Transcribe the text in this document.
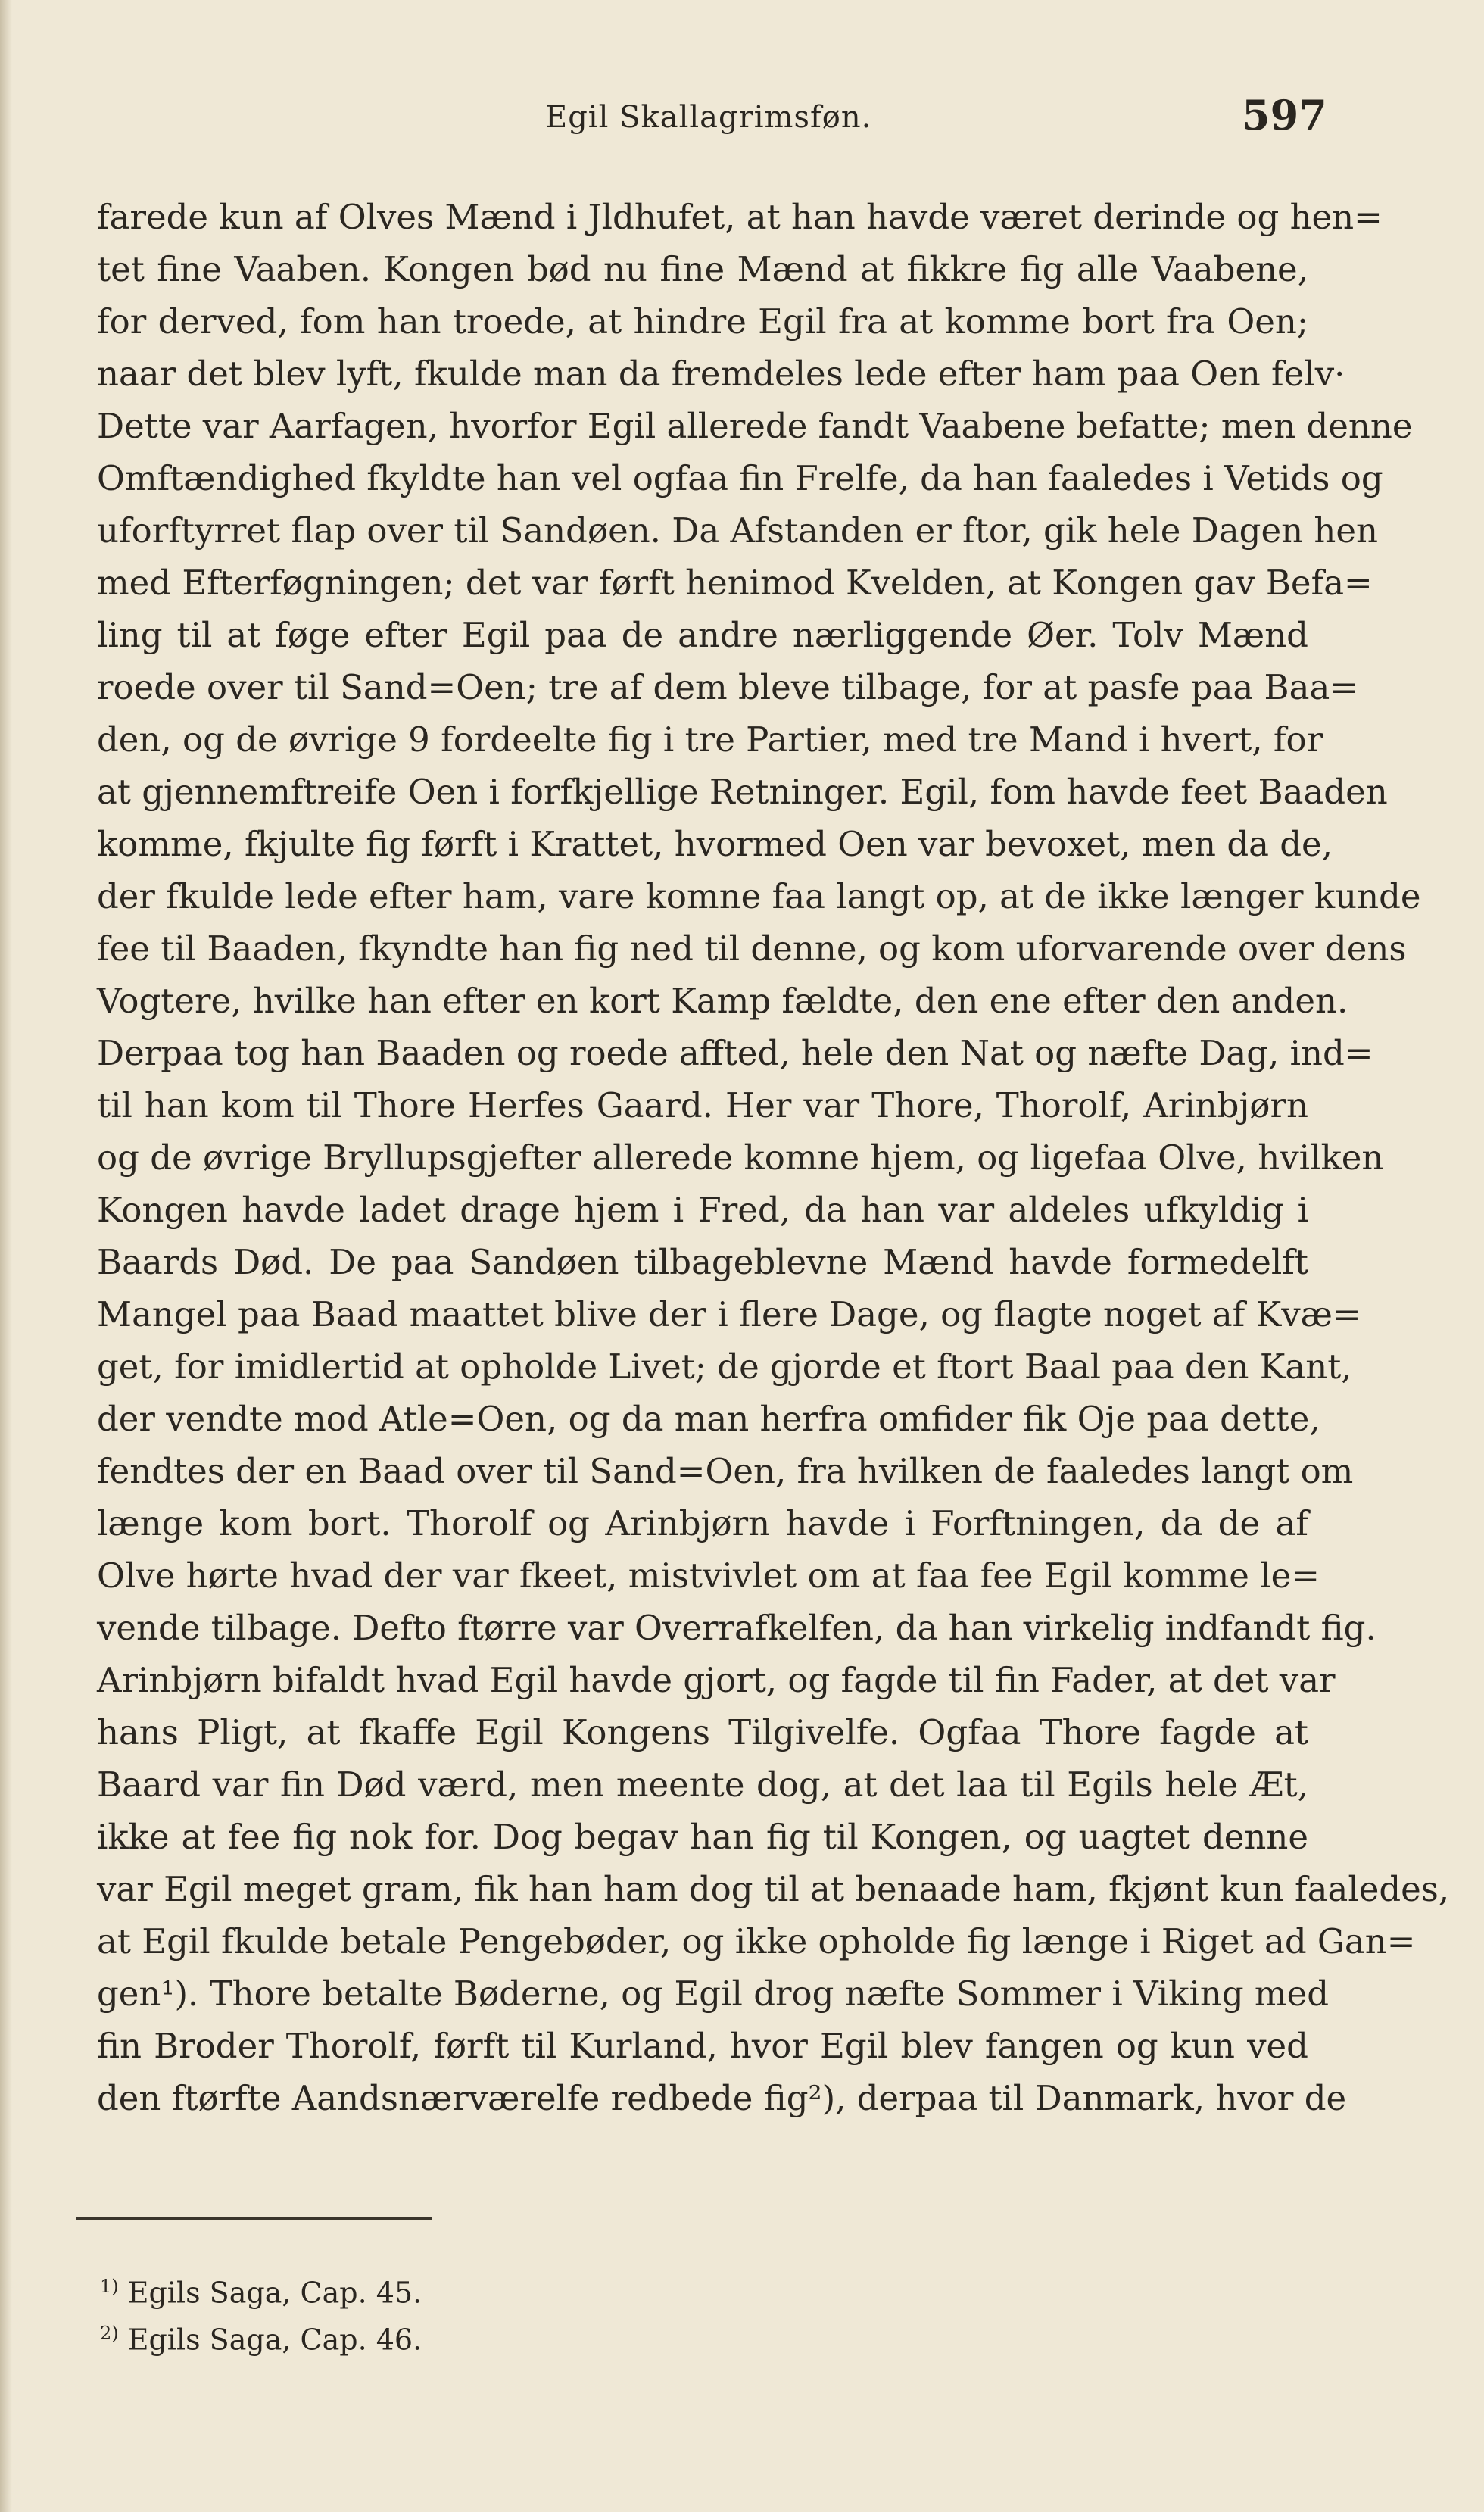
Egil Skallagrimsføn.	597
farede kun af Olves Mænd i Jldhufet, at han havde været derinde og hen=
tet fine Vaaben. Kongen bød nu fine Mænd at fikkre fig alle Vaabene,
for derved, fom han troede, at hindre Egil fra at komme bort fra Oen;
naar det blev lyft, fkulde man da fremdeles lede efter ham paa Oen felv·
Dette var Aarfagen, hvorfor Egil allerede fandt Vaabene befatte; men denne
Omftændighed fkyldte han vel ogfaa fin Frelfe, da han faaledes i Vetids og
uforftyrret flap over til Sandøen. Da Afstanden er ftor, gik hele Dagen hen
med Efterføgningen; det var førft henimod Kvelden, at Kongen gav Befa=
ling til at føge efter Egil paa de andre nærliggende Øer. Tolv Mænd
roede over til Sand=Oen; tre af dem bleve tilbage, for at pasfe paa Baa=
den, og de øvrige 9 fordeelte fig i tre Partier, med tre Mand i hvert, for
at gjennemftreife Oen i forfkjellige Retninger. Egil, fom havde feet Baaden
komme, fkjulte fig førft i Krattet, hvormed Oen var bevoxet, men da de,
der fkulde lede efter ham, vare komne faa langt op, at de ikke længer kunde
fee til Baaden, fkyndte han fig ned til denne, og kom uforvarende over dens
Vogtere, hvilke han efter en kort Kamp fældte, den ene efter den anden.
Derpaa tog han Baaden og roede affted, hele den Nat og næfte Dag, ind=
til han kom til Thore Herfes Gaard. Her var Thore, Thorolf, Arinbjørn
og de øvrige Bryllupsgjefter allerede komne hjem, og ligefaa Olve, hvilken
Kongen havde ladet drage hjem i Fred, da han var aldeles ufkyldig i
Baards Død. De paa Sandøen tilbageblevne Mænd havde formedelft
Mangel paa Baad maattet blive der i flere Dage, og flagte noget af Kvæ=
get, for imidlertid at opholde Livet; de gjorde et ftort Baal paa den Kant,
der vendte mod Atle=Oen, og da man herfra omfider fik Oje paa dette,
fendtes der en Baad over til Sand=Oen, fra hvilken de faaledes langt om
længe kom bort. Thorolf og Arinbjørn havde i Forftningen, da de af
Olve hørte hvad der var fkeet, mistvivlet om at faa fee Egil komme le=
vende tilbage. Defto ftørre var Overrafkelfen, da han virkelig indfandt fig.
Arinbjørn bifaldt hvad Egil havde gjort, og fagde til fin Fader, at det var
hans Pligt, at fkaffe Egil Kongens Tilgivelfe. Ogfaa Thore fagde at
Baard var fin Død værd, men meente dog, at det laa til Egils hele Æt,
ikke at fee fig nok for. Dog begav han fig til Kongen, og uagtet denne
var Egil meget gram, fik han ham dog til at benaade ham, fkjønt kun faaledes,
at Egil fkulde betale Pengebøder, og ikke opholde fig længe i Riget ad Gan=
gen¹). Thore betalte Bøderne, og Egil drog næfte Sommer i Viking med
fin Broder Thorolf, førft til Kurland, hvor Egil blev fangen og kun ved
den ftørfte Aandsnærværelfe redbede fig²), derpaa til Danmark, hvor de
$^{1)}$ Egils Saga, Cap. 45.
$^{2)}$ Egils Saga, Cap. 46.
